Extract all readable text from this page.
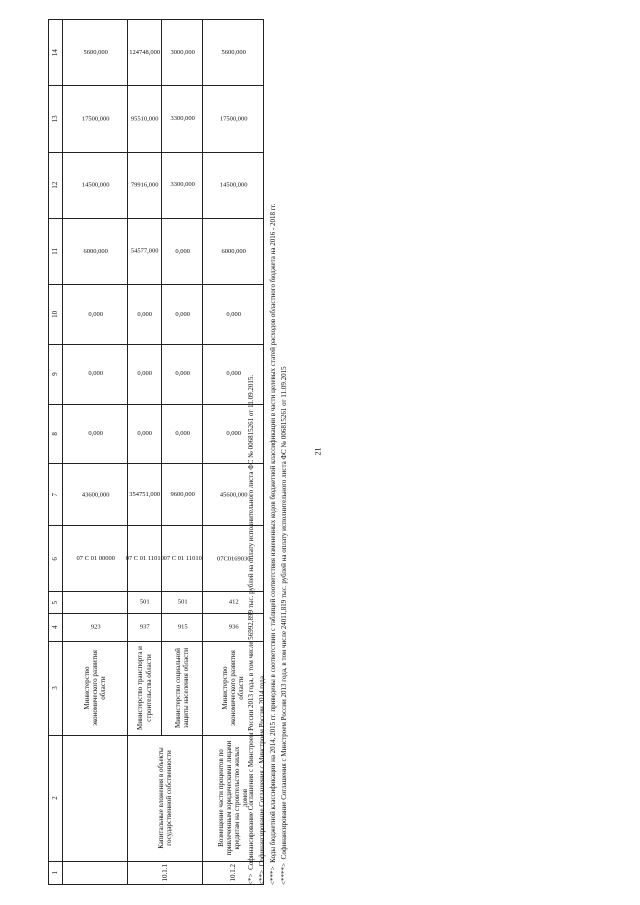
21
1	2	3	4	5	6	7	8	9	10	11	12	13	14
		Министерство экономического развития области	923		07 С 01 00000	43600,000	0,000	0,000	0,000	6000,000	14500,000	17500,000	5600,000
10.1.1	Капитальные вложения в объекты государственной собственности	Министерство транспорта и строительства области	937	501	07 С 01 11010	354751,000	0,000	0,000	0,000	54577,000	79916,000	95510,000	124748,000
		Министерство социальной защиты населения области	915	501	07 С 01 11010	9600,000	0,000	0,000	0,000	0,000	3300,000	3300,000	3000,000
10.1.2	Возмещение части процентов по привлеченным юридическими лицами кредитам на строительство жилых домов	Министерство экономического развития области	936	412	07С0169030	45600,000	0,000	0,000	0,000	6000,000	14500,000	17500,000	5600,000
<*> Софинансирование Соглашения с Минстроем России 2013 года, в том числе 56992,899 тыс. рублей на оплату исполнительного листа ФС № 006815261 от 11.09.2015.
<**> Софинансирование Соглашения с Минстроем России 2014 года.
<***> Коды бюджетной классификации на 2014, 2015 гг. приведены в соответствии с таблицей соответствия измененных кодов бюджетной классификации в части целевых статей расходов областного бюджета на 2016 - 2018 гг.
<****> Софинансирование Соглашения с Минстроем России 2013 года, в том числе 24011,819 тыс. рублей на оплату исполнительного листа ФС № 006815261 от 11.09.2015
